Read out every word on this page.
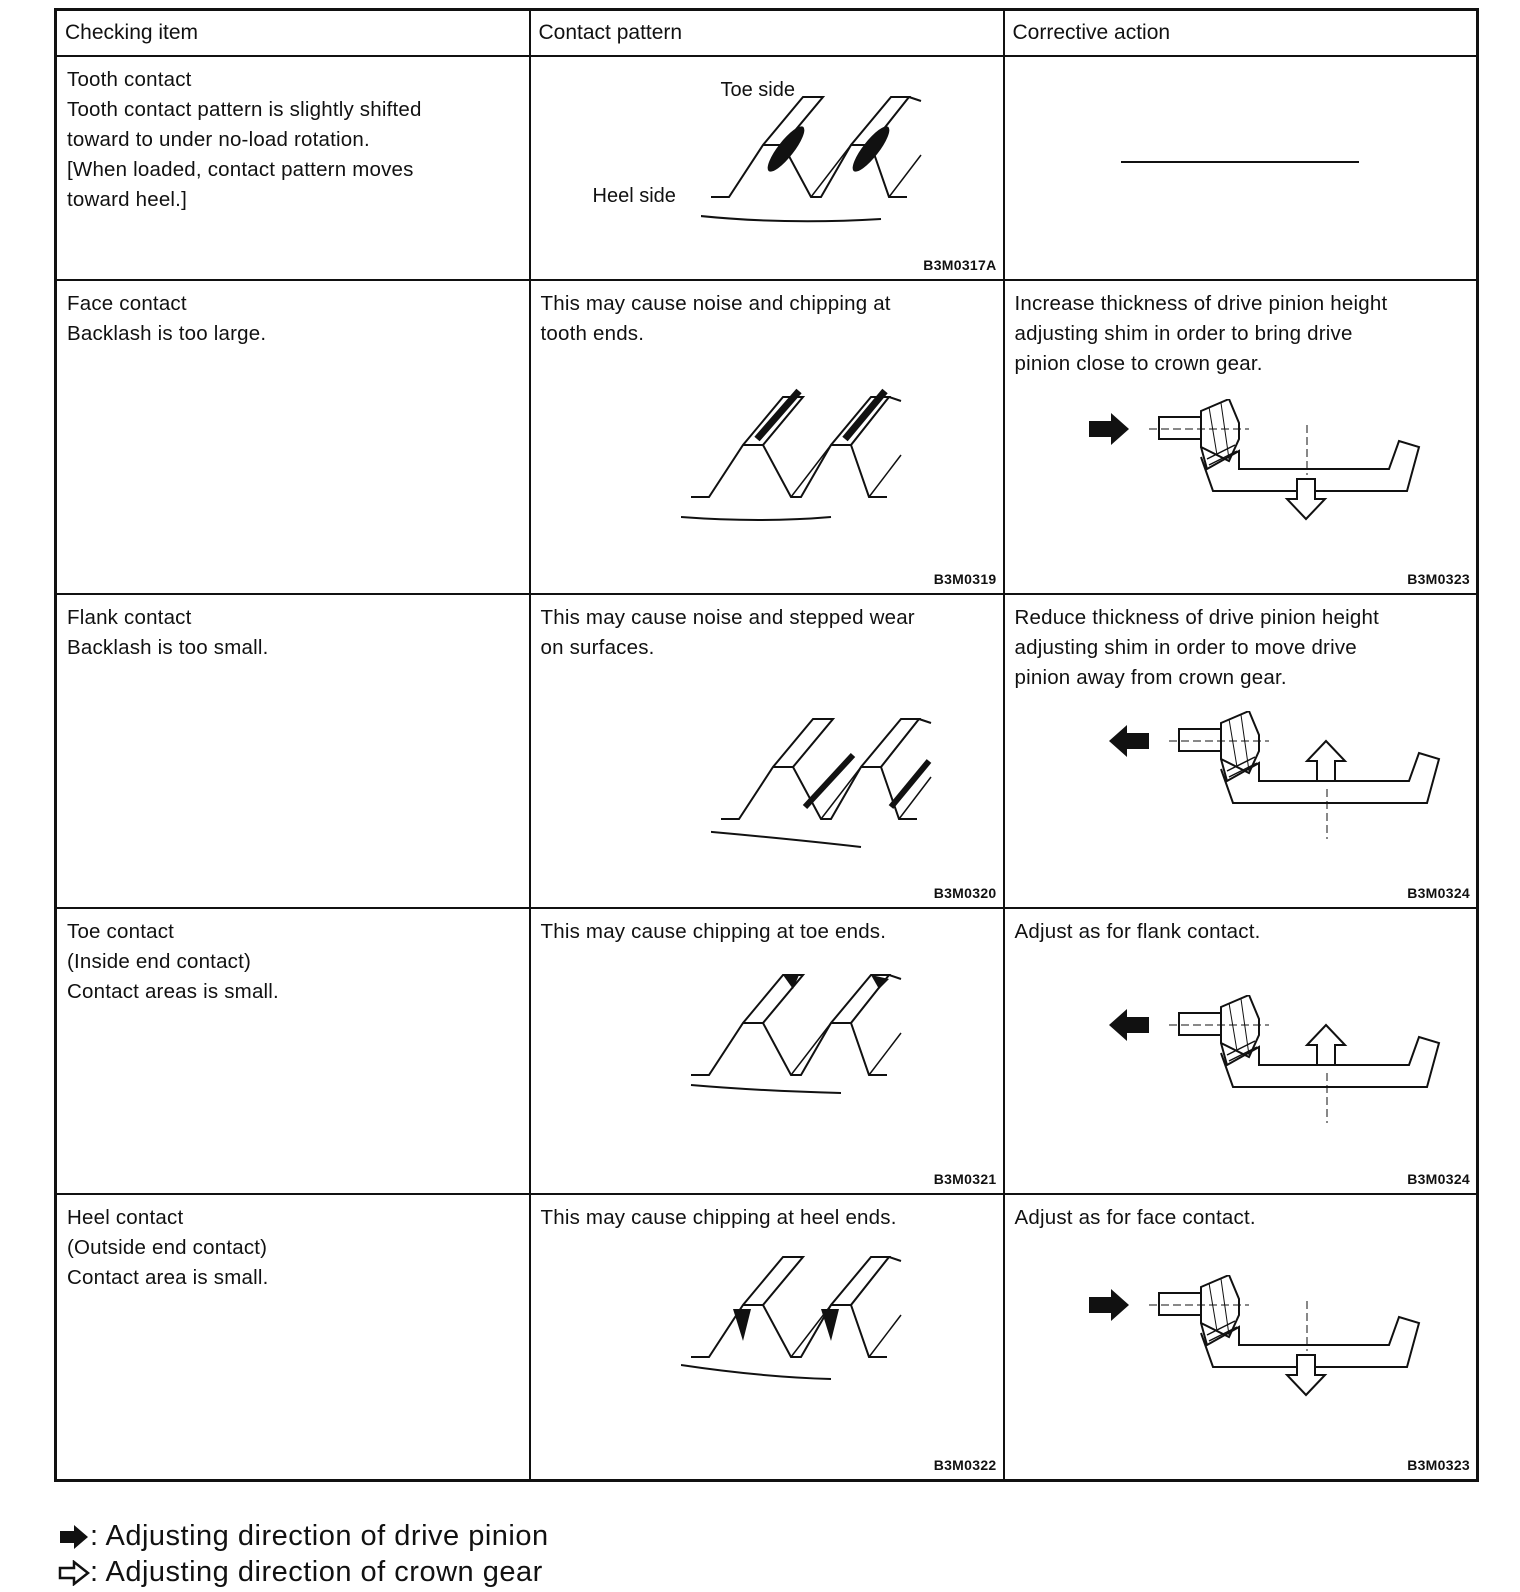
Checking item	Contact pattern	Corrective action

Tooth contact
Tooth contact pattern is slightly shifted
toward to under no-load rotation.
[When loaded, contact pattern moves
toward heel.]	Toe side
Heel side
B3M0317A	

Face contact
Backlash is too large.	This may cause noise and chipping at
tooth ends.
B3M0319	Increase thickness of drive pinion height
adjusting shim in order to bring drive
pinion close to crown gear.
B3M0323

Flank contact
Backlash is too small.	This may cause noise and stepped wear
on surfaces.
B3M0320	Reduce thickness of drive pinion height
adjusting shim in order to move drive
pinion away from crown gear.
B3M0324

Toe contact
(Inside end contact)
Contact areas is small.	This may cause chipping at toe ends.
B3M0321	Adjust as for flank contact.
B3M0324

Heel contact
(Outside end contact)
Contact area is small.	This may cause chipping at heel ends.
B3M0322	Adjust as for face contact.
B3M0323
: Adjusting direction of drive pinion
: Adjusting direction of crown gear
